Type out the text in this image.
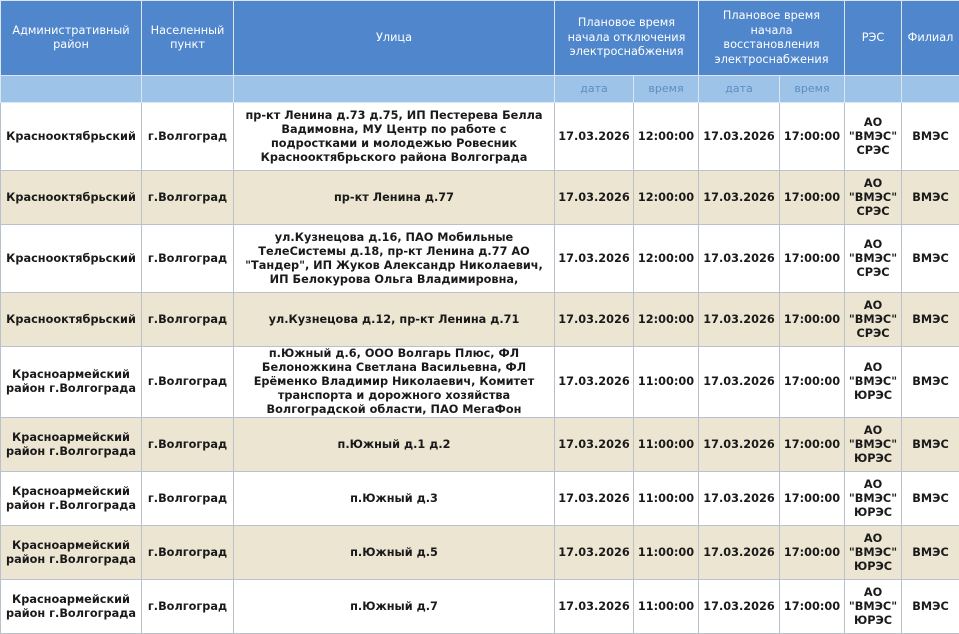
Административный район	Населенный пункт	Улица	Плановое время начала отключения электроснабжения		Плановое время начала восстановления электроснабжения		РЭС	Филиал
			дата	время	дата	время		
Краснооктябрьский	г.Волгоград	пр-кт Ленина д.73 д.75, ИП Пестерева Белла Вадимовна, МУ Центр по работе с подростками и молодежью Ровесник Краснооктябрьского района Волгограда	17.03.2026	12:00:00	17.03.2026	17:00:00	АО "ВМЭС" СРЭС	ВМЭС
Краснооктябрьский	г.Волгоград	пр-кт Ленина д.77	17.03.2026	12:00:00	17.03.2026	17:00:00	АО "ВМЭС" СРЭС	ВМЭС
Краснооктябрьский	г.Волгоград	ул.Кузнецова д.16, ПАО Мобильные ТелеСистемы д.18, пр-кт Ленина д.77 АО "Тандер", ИП Жуков Александр Николаевич, ИП Белокурова Ольга Владимировна,	17.03.2026	12:00:00	17.03.2026	17:00:00	АО "ВМЭС" СРЭС	ВМЭС
Краснооктябрьский	г.Волгоград	ул.Кузнецова д.12, пр-кт Ленина д.71	17.03.2026	12:00:00	17.03.2026	17:00:00	АО "ВМЭС" СРЭС	ВМЭС
Красноармейский район г.Волгограда	г.Волгоград	п.Южный д.6, ООО Волгарь Плюс, ФЛ Белоножкина Светлана Васильевна, ФЛ Ерёменко Владимир Николаевич, Комитет транспорта и дорожного хозяйства Волгоградской области, ПАО МегаФон	17.03.2026	11:00:00	17.03.2026	17:00:00	АО "ВМЭС" ЮРЭС	ВМЭС
Красноармейский район г.Волгограда	г.Волгоград	п.Южный д.1 д.2	17.03.2026	11:00:00	17.03.2026	17:00:00	АО "ВМЭС" ЮРЭС	ВМЭС
Красноармейский район г.Волгограда	г.Волгоград	п.Южный д.3	17.03.2026	11:00:00	17.03.2026	17:00:00	АО "ВМЭС" ЮРЭС	ВМЭС
Красноармейский район г.Волгограда	г.Волгоград	п.Южный д.5	17.03.2026	11:00:00	17.03.2026	17:00:00	АО "ВМЭС" ЮРЭС	ВМЭС
Красноармейский район г.Волгограда	г.Волгоград	п.Южный д.7	17.03.2026	11:00:00	17.03.2026	17:00:00	АО "ВМЭС" ЮРЭС	ВМЭС
